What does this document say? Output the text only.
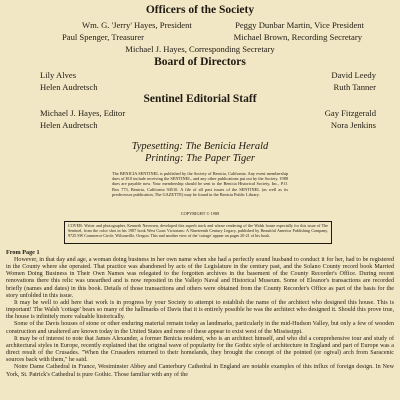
Officers of the Society
Wm. G. 'Jerry' Hayes, President	Peggy Dunbar Martin, Vice President
Paul Spenger, Treasurer	Michael Brown, Recording Secretary
Michael J. Hayes, Corresponding Secretary
Board of Directors
Lily Alves	David Leedy
Helen Audretsch	Ruth Tanner
Sentinel Editorial Staff
Michael J. Hayes, Editor	Gay Fitzgerald
Helen Audretsch	Nora Jenkins
Typesetting: The Benicia Herald
Printing: The Paper Tiger
The BENICIA SENTINEL is published by the Society of Benicia, California. Any event membership dues of $10 include receiving the SENTINEL, and any other publications put out by the Society. 1988 dues are payable now. Your membership should be sent to the Benicia Historical Society, Inc., P.O. Box 773, Benicia, California 94510. A file of all past issues of the SENTINEL (as well as its predecessor publication, The GAZETTE) may be found in the Benicia Public Library.
COPYRIGHT © 1988
COVER: Writer and photographer, Kenneth Naversen, developed this superb track and whose rendering of the Walsh house especially for this issue of The Sentinel, from the color shot in his 1987 book West Coast Victorians: A Nineteenth Century Legacy, published by Beautiful America Publishing Company, 9725 SW Commerce Circle, Wilsonville, Oregon. This and another view of the 'cottage' appear on pages 20-21 of his book.
From Page 1

However, in that day and age, a woman doing business in her own name when she had a perfectly sound husband to conduct it for her, had to be registered in the County where she operated. That practice was abandoned by acts of the Legislature in the century past, and the Solano County record book Married Women Doing Business in Their Own Names was relegated to the forgotten archives in the basement of the County Recorder's Office. During recent renovations there this relic was unearthed and is now reposited in the Vallejo Naval and Historical Museum. Some of Eleanor's transactions are recorded briefly (names and dates) in this book. Details of those transactions and others were obtained from the County Recorder's Office as part of the basis for the story unfolded in this issue.

It may be well to add here that work is in progress by your Society to attempt to establish the name of the architect who designed this house. This is important! The Walsh 'cottage' bears so many of the hallmarks of Davis that it is entirely possible he was the architect who designed it. Should this prove true, the house is infinitely more valuable historically.

Some of the Davis houses of stone or other enduring material remain today as landmarks, particularly in the mid-Hudson Valley, but only a few of wooden construction and unaltered are known today in the United States and none of these appear to exist west of the Mississippi.

It may be of interest to note that James Alexander, a former Benicia resident, who is an architect himself, and who did a comprehensive tour and study of architectural styles in Europe, recently explained that the original wave of popularity for the Gothic style of architecture in England and part of Europe was a direct result of the Crusades. "When the Crusaders returned to their homelands, they brought the concept of the pointed (or ogival) arch from Saracenic sources back with them," he said.

Notre Dame Cathedral in France, Westminster Abbey and Canterbury Cathedral in England are notable examples of this influx of foreign design. In New York, St. Patrick's Cathedral is pure Gothic. Those familiar with any of the
